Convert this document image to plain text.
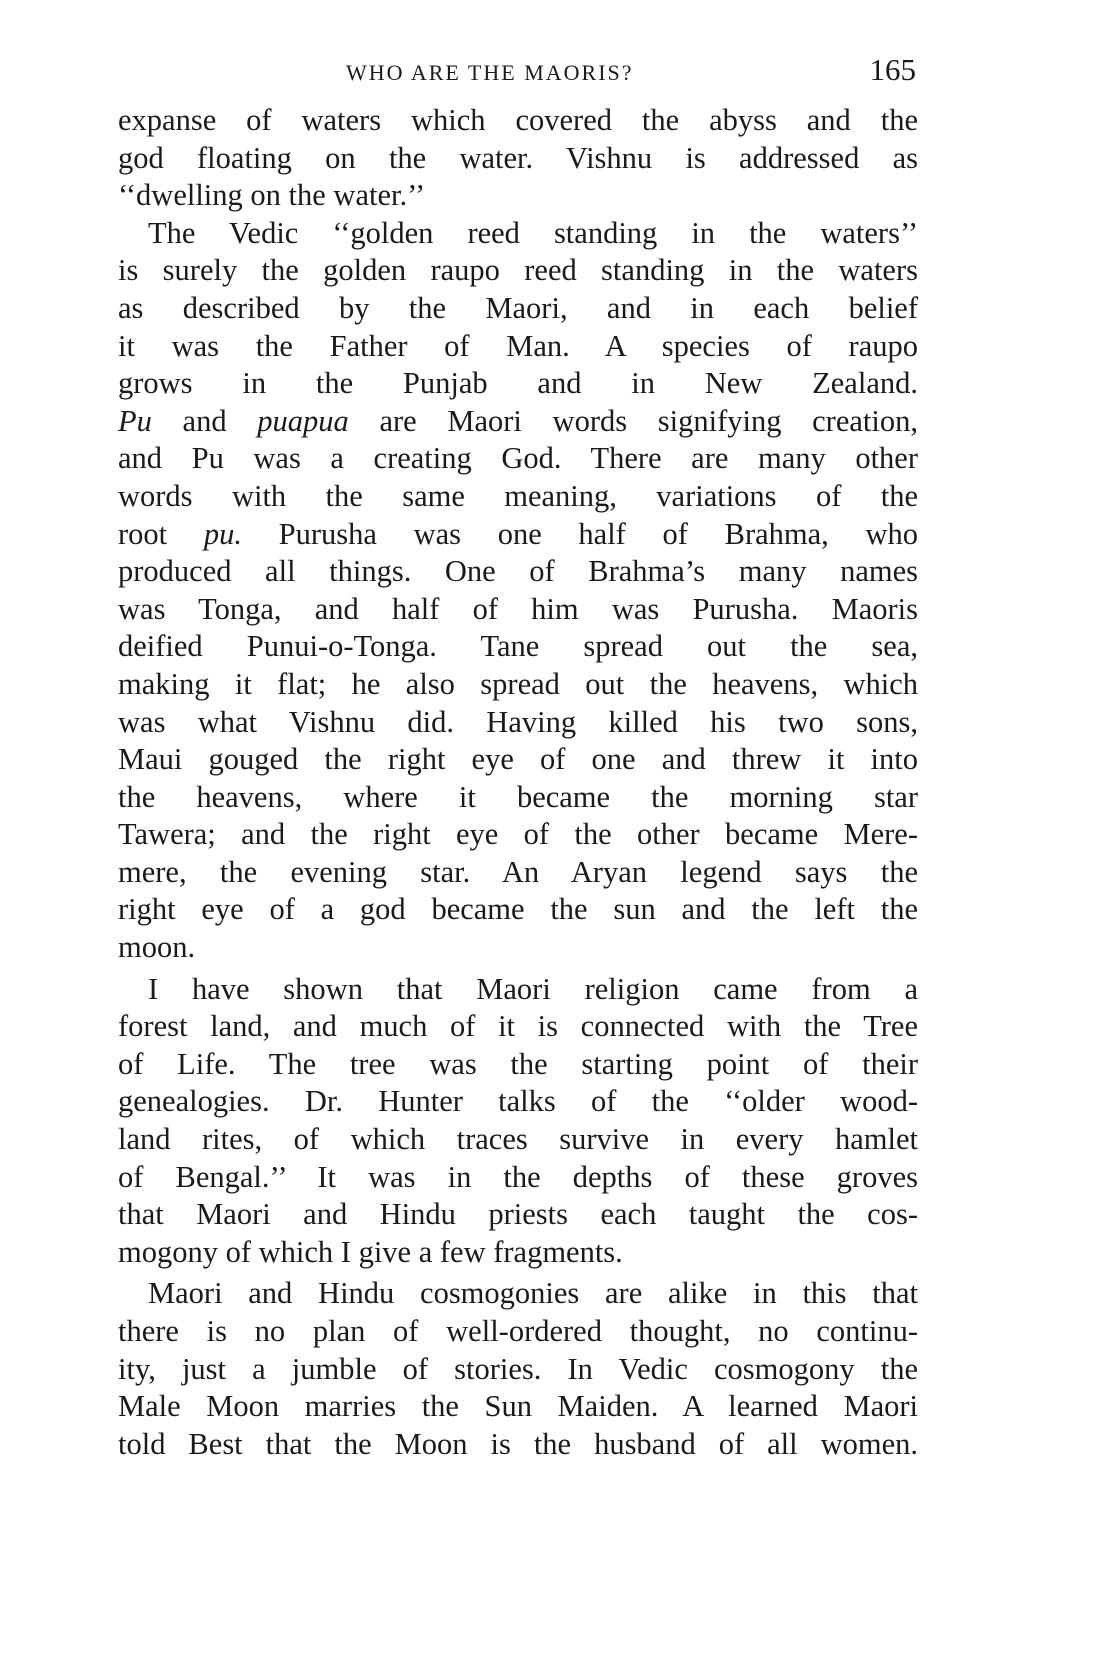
WHO ARE THE MAORIS?	165

expanse of waters which covered the abyss and the
god floating on the water. Vishnu is addressed as
‘‘dwelling on the water.’’

The Vedic ‘‘golden reed standing in the waters’’
is surely the golden raupo reed standing in the waters
as described by the Maori, and in each belief
it was the Father of Man. A species of raupo
grows in the Punjab and in New Zealand.
Pu and puapua are Maori words signifying creation,
and Pu was a creating God. There are many other
words with the same meaning, variations of the
root pu. Purusha was one half of Brahma, who
produced all things. One of Brahma’s many names
was Tonga, and half of him was Purusha. Maoris
deified Punui-o-Tonga. Tane spread out the sea,
making it flat; he also spread out the heavens, which
was what Vishnu did. Having killed his two sons,
Maui gouged the right eye of one and threw it into
the heavens, where it became the morning star
Tawera; and the right eye of the other became Mere-
mere, the evening star. An Aryan legend says the
right eye of a god became the sun and the left the
moon.

I have shown that Maori religion came from a
forest land, and much of it is connected with the Tree
of Life. The tree was the starting point of their
genealogies. Dr. Hunter talks of the ‘‘older wood-
land rites, of which traces survive in every hamlet
of Bengal.’’ It was in the depths of these groves
that Maori and Hindu priests each taught the cos-
mogony of which I give a few fragments.

Maori and Hindu cosmogonies are alike in this that
there is no plan of well-ordered thought, no continu-
ity, just a jumble of stories. In Vedic cosmogony the
Male Moon marries the Sun Maiden. A learned Maori
told Best that the Moon is the husband of all women.
